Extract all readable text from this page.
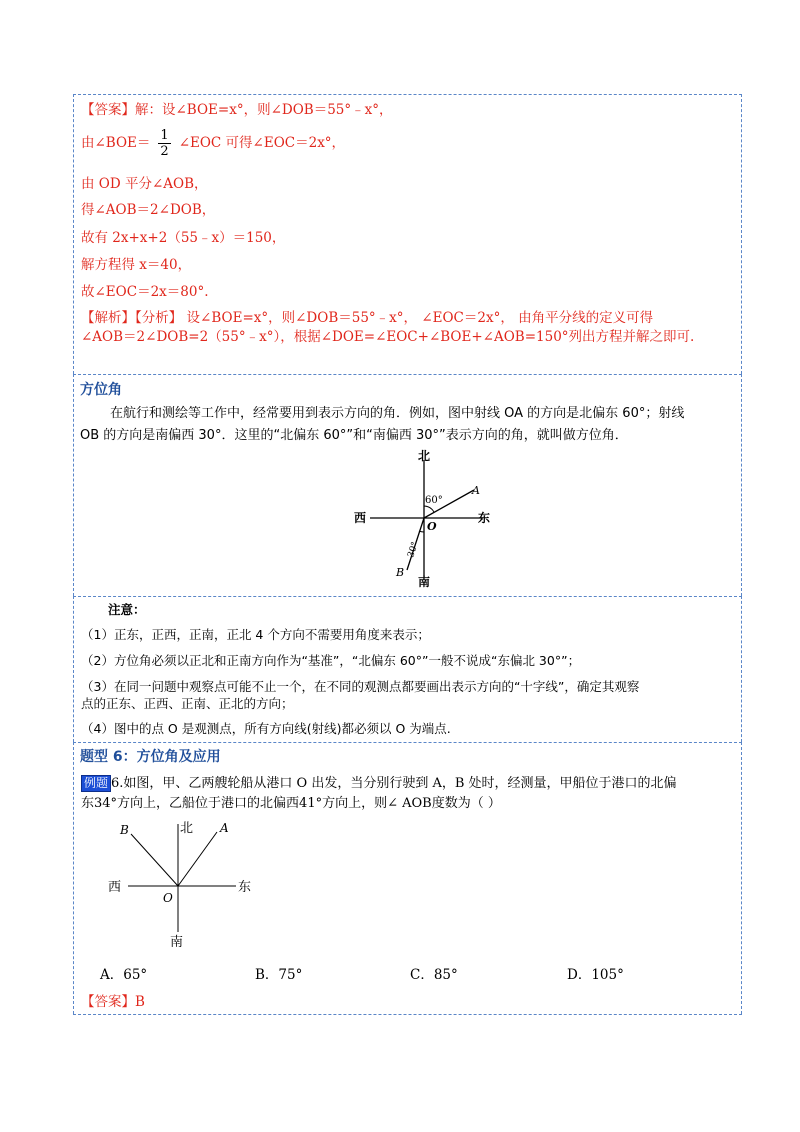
【答案】解：设∠BOE=x°，则∠DOB＝55°﹣x°，
由∠BOE＝ $\frac{1}{2}$ ∠EOC 可得∠EOC＝2x°，
由 OD 平分∠AOB，
得∠AOB＝2∠DOB，
故有 2x+x+2（55﹣x）＝150，
解方程得 x＝40，
故∠EOC＝2x＝80°.
【解析】【分析】 设∠BOE=x°，则∠DOB＝55°﹣x°， ∠EOC＝2x°， 由角平分线的定义可得
∠AOB＝2∠DOB=2（55°﹣x°），根据∠DOE=∠EOC+∠BOE+∠AOB=150°列出方程并解之即可.
方位角
在航行和测绘等工作中，经常要用到表示方向的角．例如，图中射线 OA 的方向是北偏东 60°；射线
OB 的方向是南偏西 30°．这里的“北偏东 60°”和“南偏西 30°”表示方向的角，就叫做方位角．
北
南
东
西
O
A
B
60°
30°
注意：
（1）正东，正西，正南，正北 4 个方向不需要用角度来表示；
（2）方位角必须以正北和正南方向作为“基准”，“北偏东 60°”一般不说成“东偏北 30°”；
（3）在同一问题中观察点可能不止一个，在不同的观测点都要画出表示方向的“十字线”，确定其观察
点的正东、正西、正南、正北的方向；
（4）图中的点 O 是观测点，所有方向线(射线)都必须以 O 为端点.
题型 6：方位角及应用
例题 6.如图，甲、乙两艘轮船从港口 O 出发，当分别行驶到 A，B 处时，经测量，甲船位于港口的北偏
东34°方向上，乙船位于港口的北偏西41°方向上，则∠ AOB度数为（ ）
B	北 A
西	东
O
南
A．65°	B．75°	C．85°	D．105°
【答案】B
